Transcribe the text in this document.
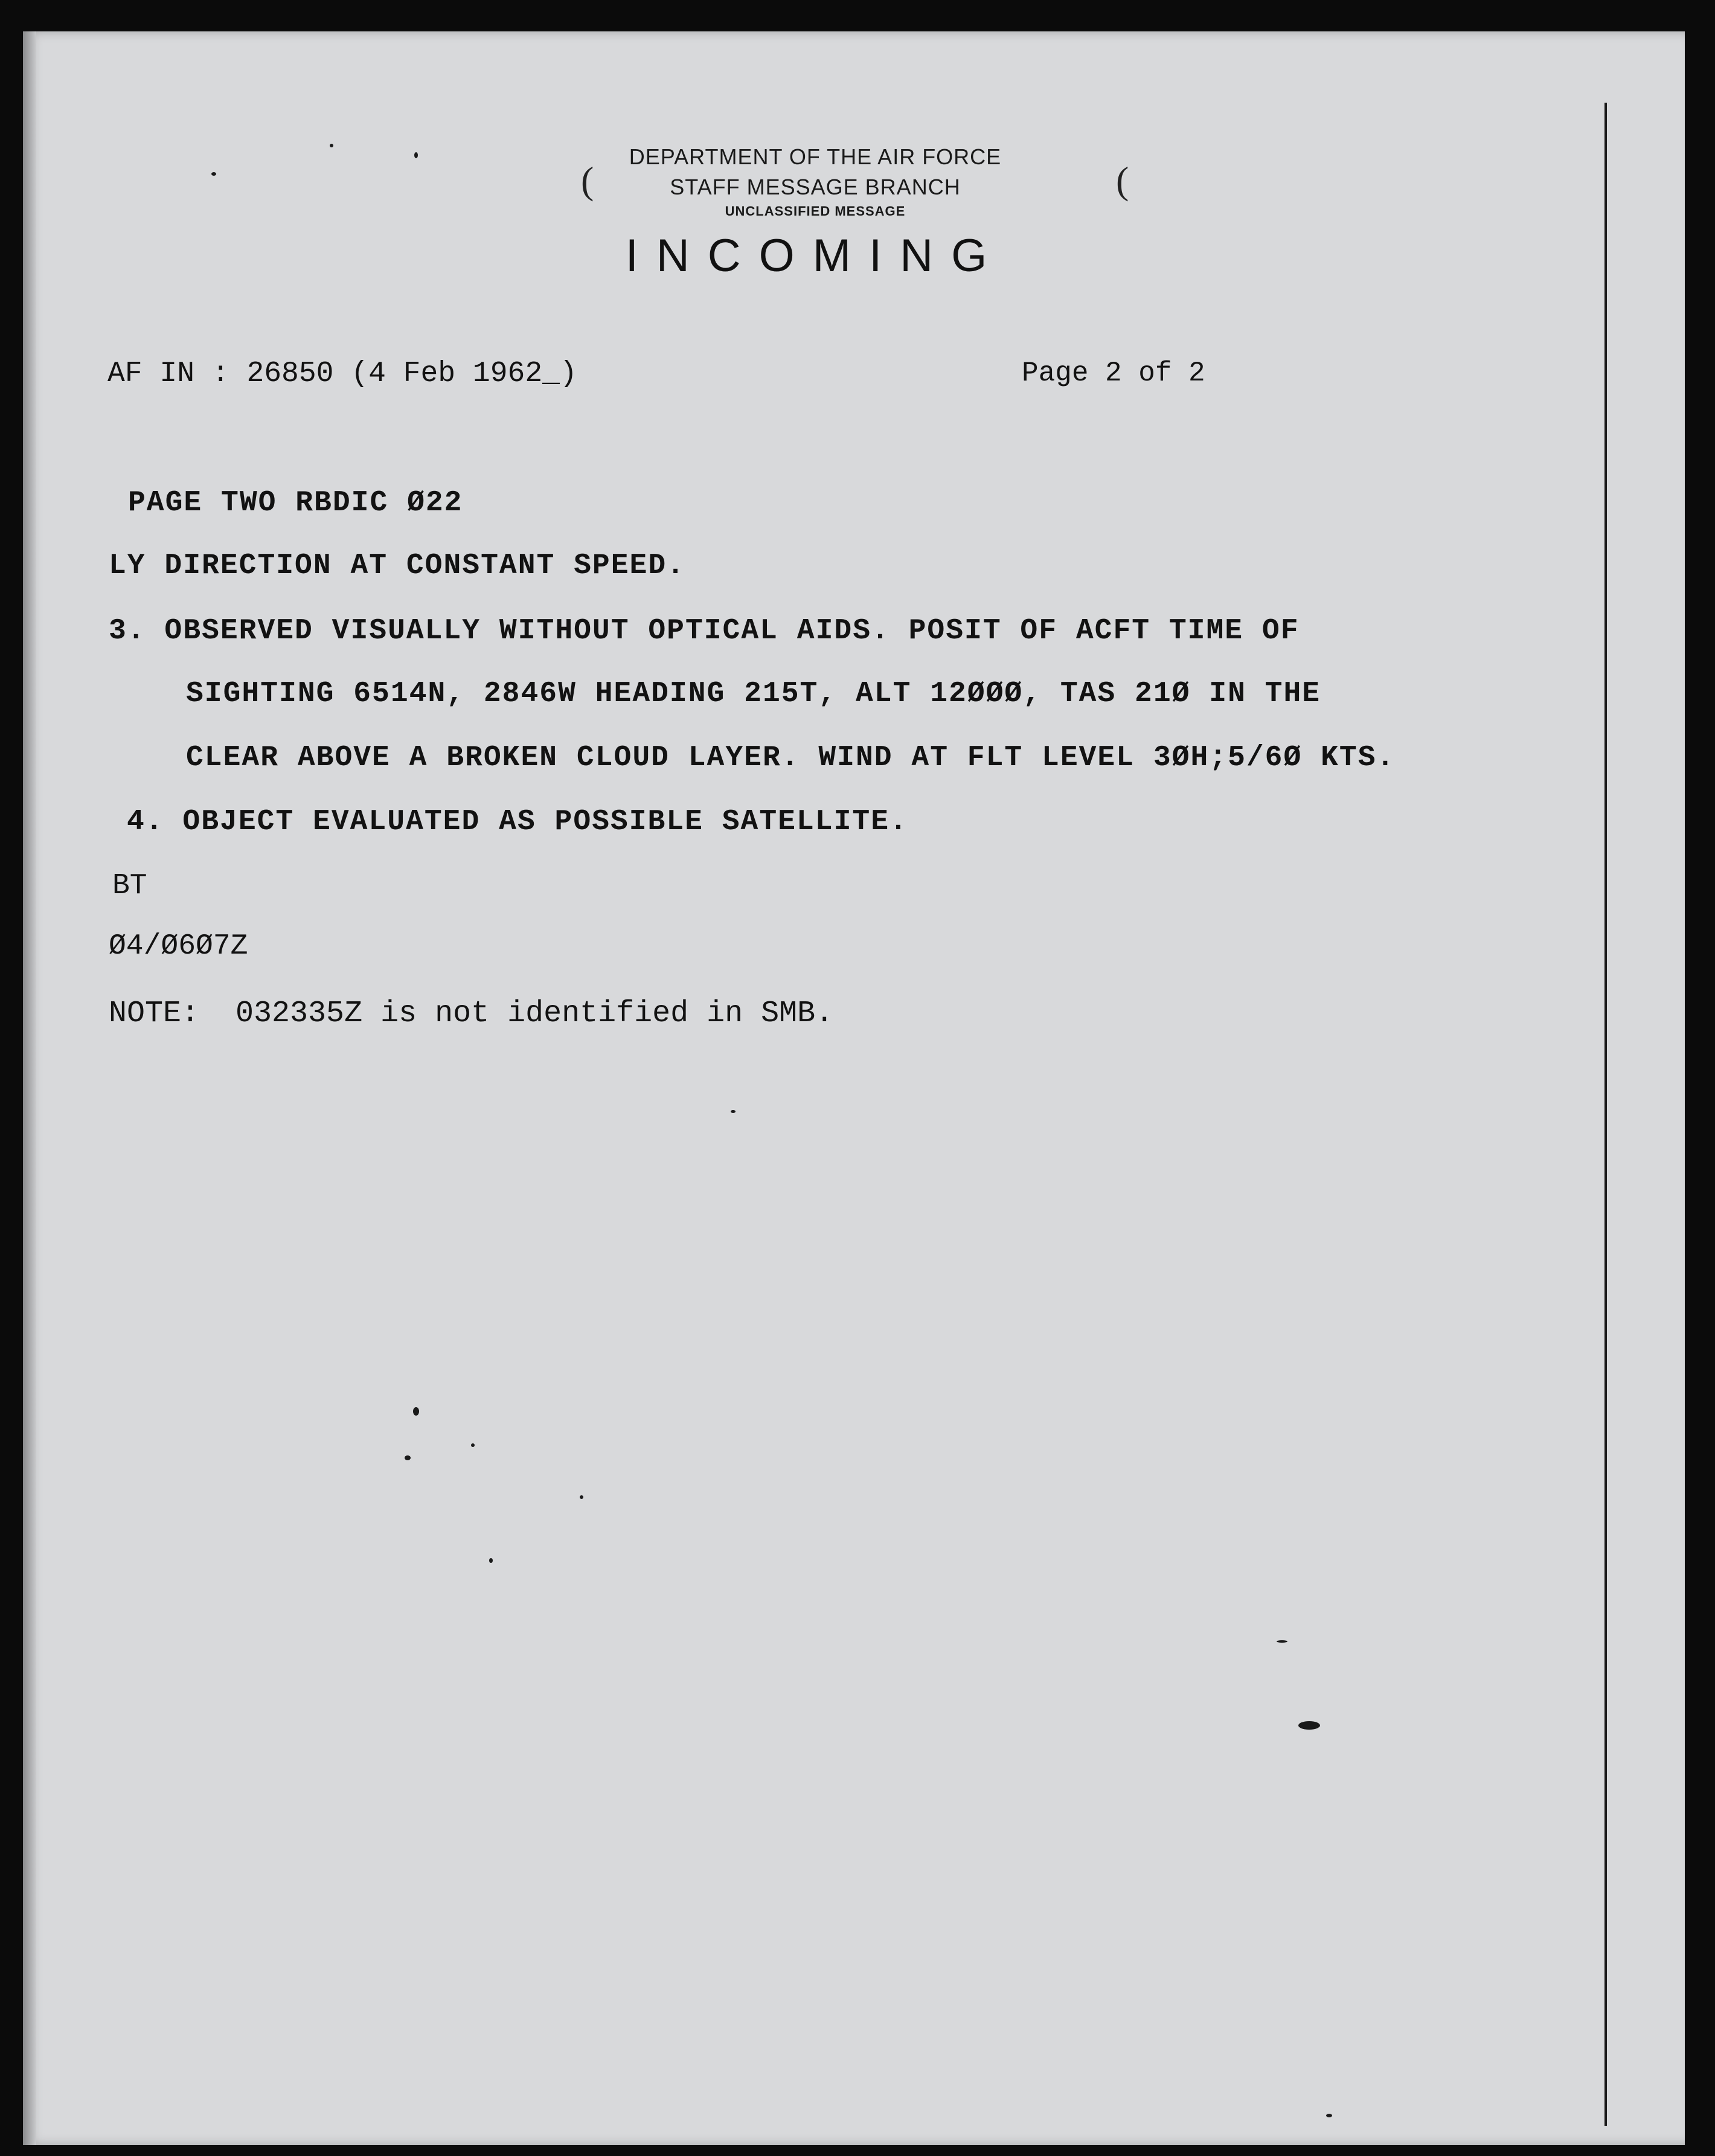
DEPARTMENT OF THE AIR FORCE
STAFF MESSAGE BRANCH
UNCLASSIFIED MESSAGE
(	(
INCOMING
AF IN : 26850 (4 Feb 1962_)	Page 2 of 2
PAGE TWO RBDIC Ø22
LY DIRECTION AT CONSTANT SPEED.
3. OBSERVED VISUALLY WITHOUT OPTICAL AIDS. POSIT OF ACFT TIME OF
SIGHTING 6514N, 2846W HEADING 215T, ALT 12ØØØ, TAS 21Ø IN THE
CLEAR ABOVE A BROKEN CLOUD LAYER. WIND AT FLT LEVEL 3ØH;5/6Ø KTS.
4. OBJECT EVALUATED AS POSSIBLE SATELLITE.
BT
Ø4/Ø6Ø7Z
NOTE:  032335Z is not identified in SMB.
